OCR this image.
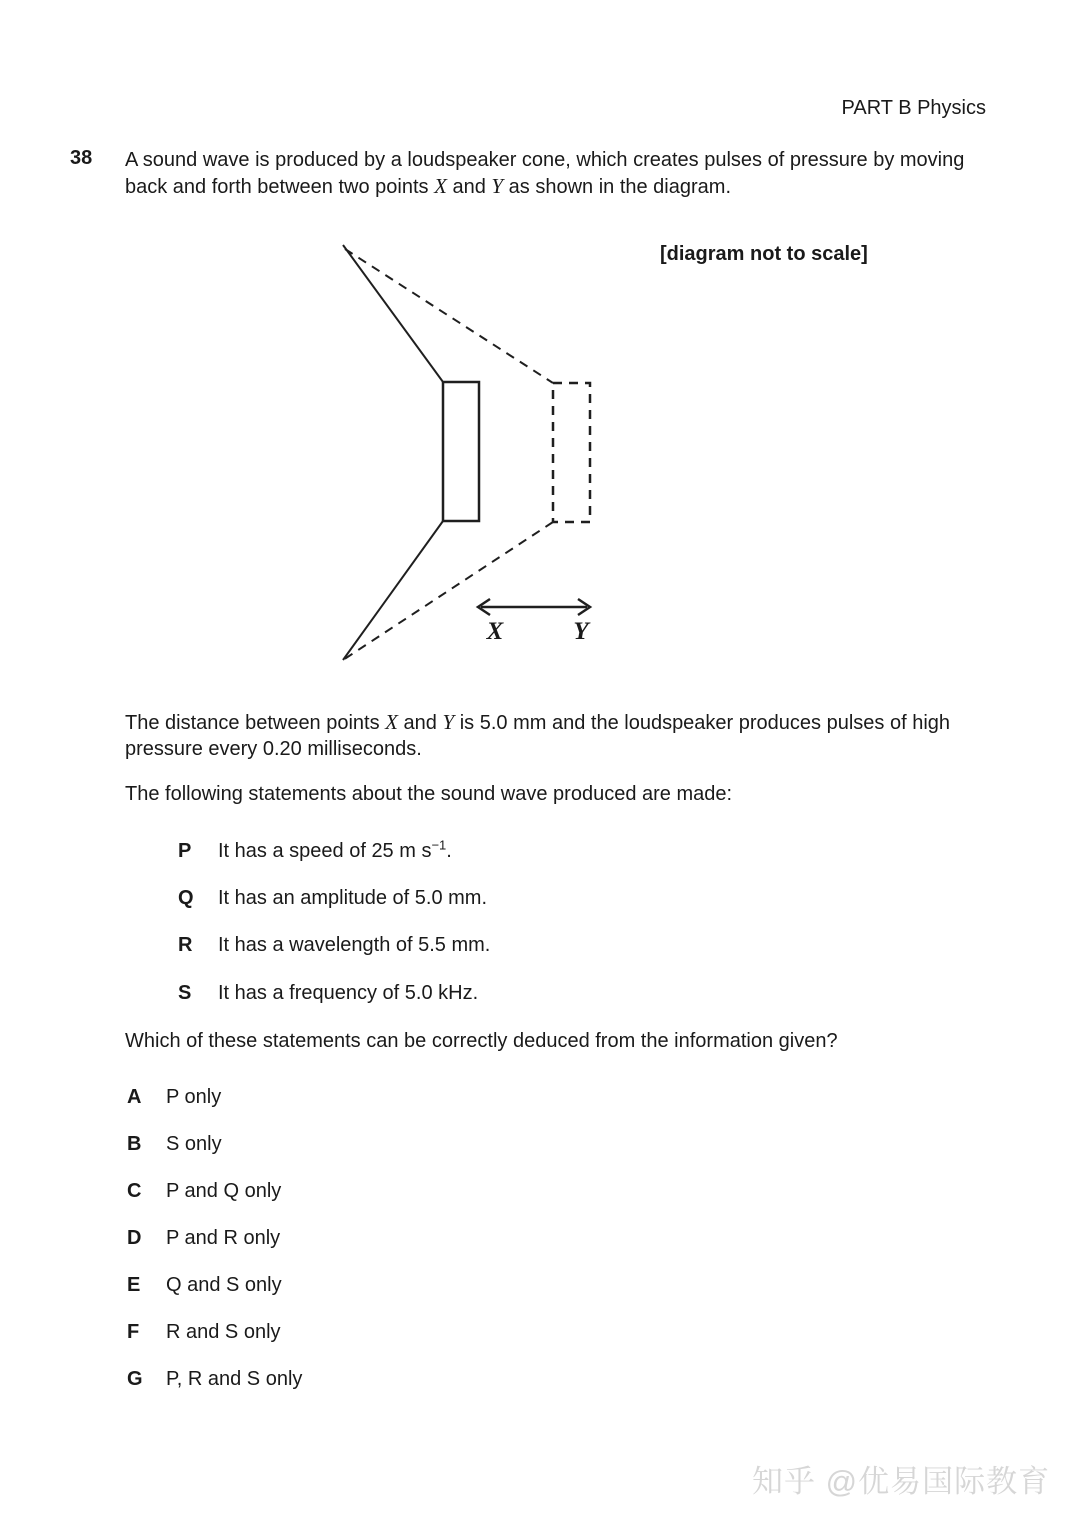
PART B Physics
38 A sound wave is produced by a loudspeaker cone, which creates pulses of pressure by moving
back and forth between two points X and Y as shown in the diagram.

[diagram not to scale]
X	Y

The distance between points X and Y is 5.0 mm and the loudspeaker produces pulses of high
pressure every 0.20 milliseconds.

The following statements about the sound wave produced are made:

P It has a speed of 25 m $s^{-1}$.
Q It has an amplitude of 5.0 mm.
R It has a wavelength of 5.5 mm.
S It has a frequency of 5.0 kHz.

Which of these statements can be correctly deduced from the information given?

A P only
B S only
C P and Q only
D P and R only
E Q and S only
F R and S only
G P, R and S only
知乎 @优易国际教育
